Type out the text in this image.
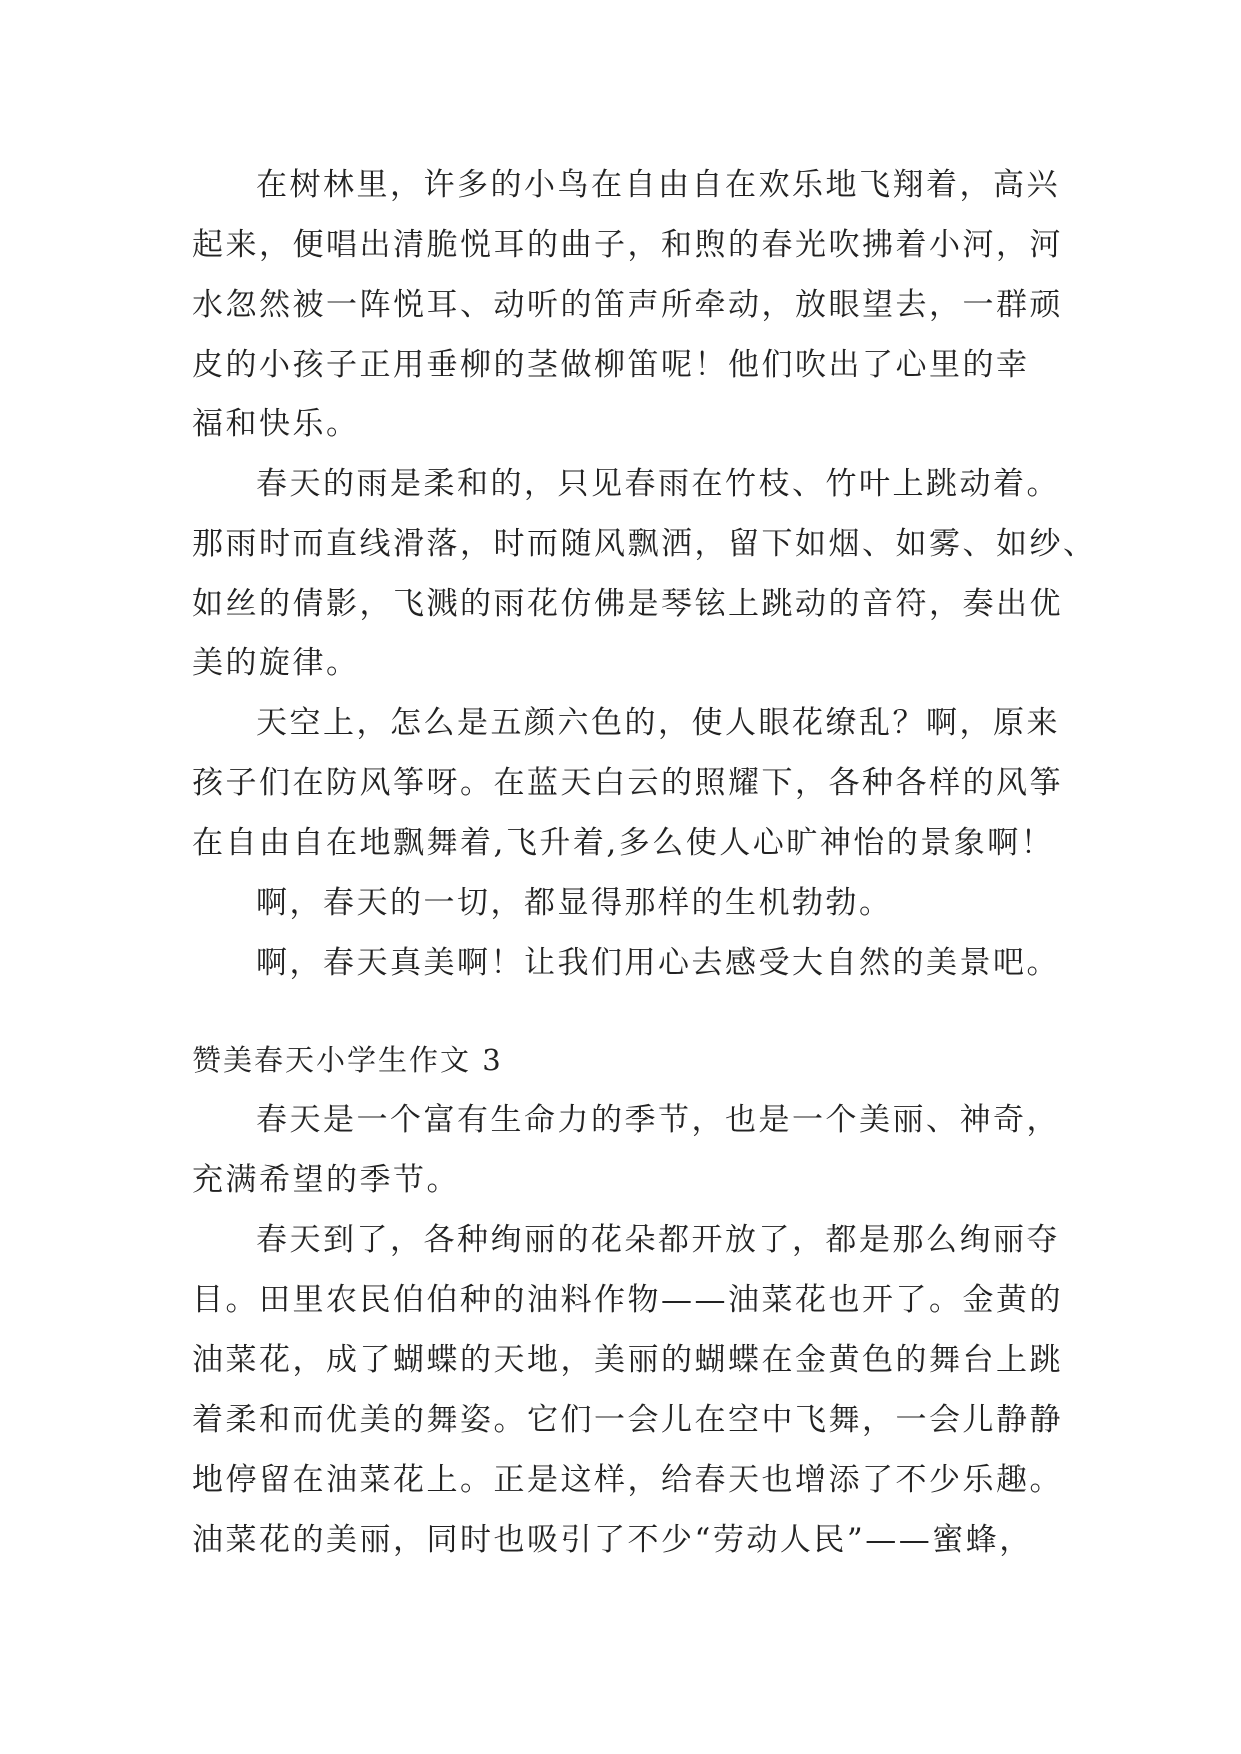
在树林里，许多的小鸟在自由自在欢乐地飞翔着，高兴
起来，便唱出清脆悦耳的曲子，和煦的春光吹拂着小河，河
水忽然被一阵悦耳、动听的笛声所牵动，放眼望去，一群顽
皮的小孩子正用垂柳的茎做柳笛呢！他们吹出了心里的幸
福和快乐。
春天的雨是柔和的，只见春雨在竹枝、竹叶上跳动着。
那雨时而直线滑落，时而随风飘洒，留下如烟、如雾、如纱、
如丝的倩影，飞溅的雨花仿佛是琴铉上跳动的音符，奏出优
美的旋律。
天空上，怎么是五颜六色的，使人眼花缭乱？啊，原来
孩子们在防风筝呀。在蓝天白云的照耀下，各种各样的风筝
在自由自在地飘舞着,飞升着,多么使人心旷神怡的景象啊！
啊，春天的一切，都显得那样的生机勃勃。
啊，春天真美啊！让我们用心去感受大自然的美景吧。
赞美春天小学生作文 3
春天是一个富有生命力的季节，也是一个美丽、神奇，
充满希望的季节。
春天到了，各种绚丽的花朵都开放了，都是那么绚丽夺
目。田里农民伯伯种的油料作物——油菜花也开了。金黄的
油菜花，成了蝴蝶的天地，美丽的蝴蝶在金黄色的舞台上跳
着柔和而优美的舞姿。它们一会儿在空中飞舞，一会儿静静
地停留在油菜花上。正是这样，给春天也增添了不少乐趣。
油菜花的美丽，同时也吸引了不少“劳动人民”——蜜蜂，
